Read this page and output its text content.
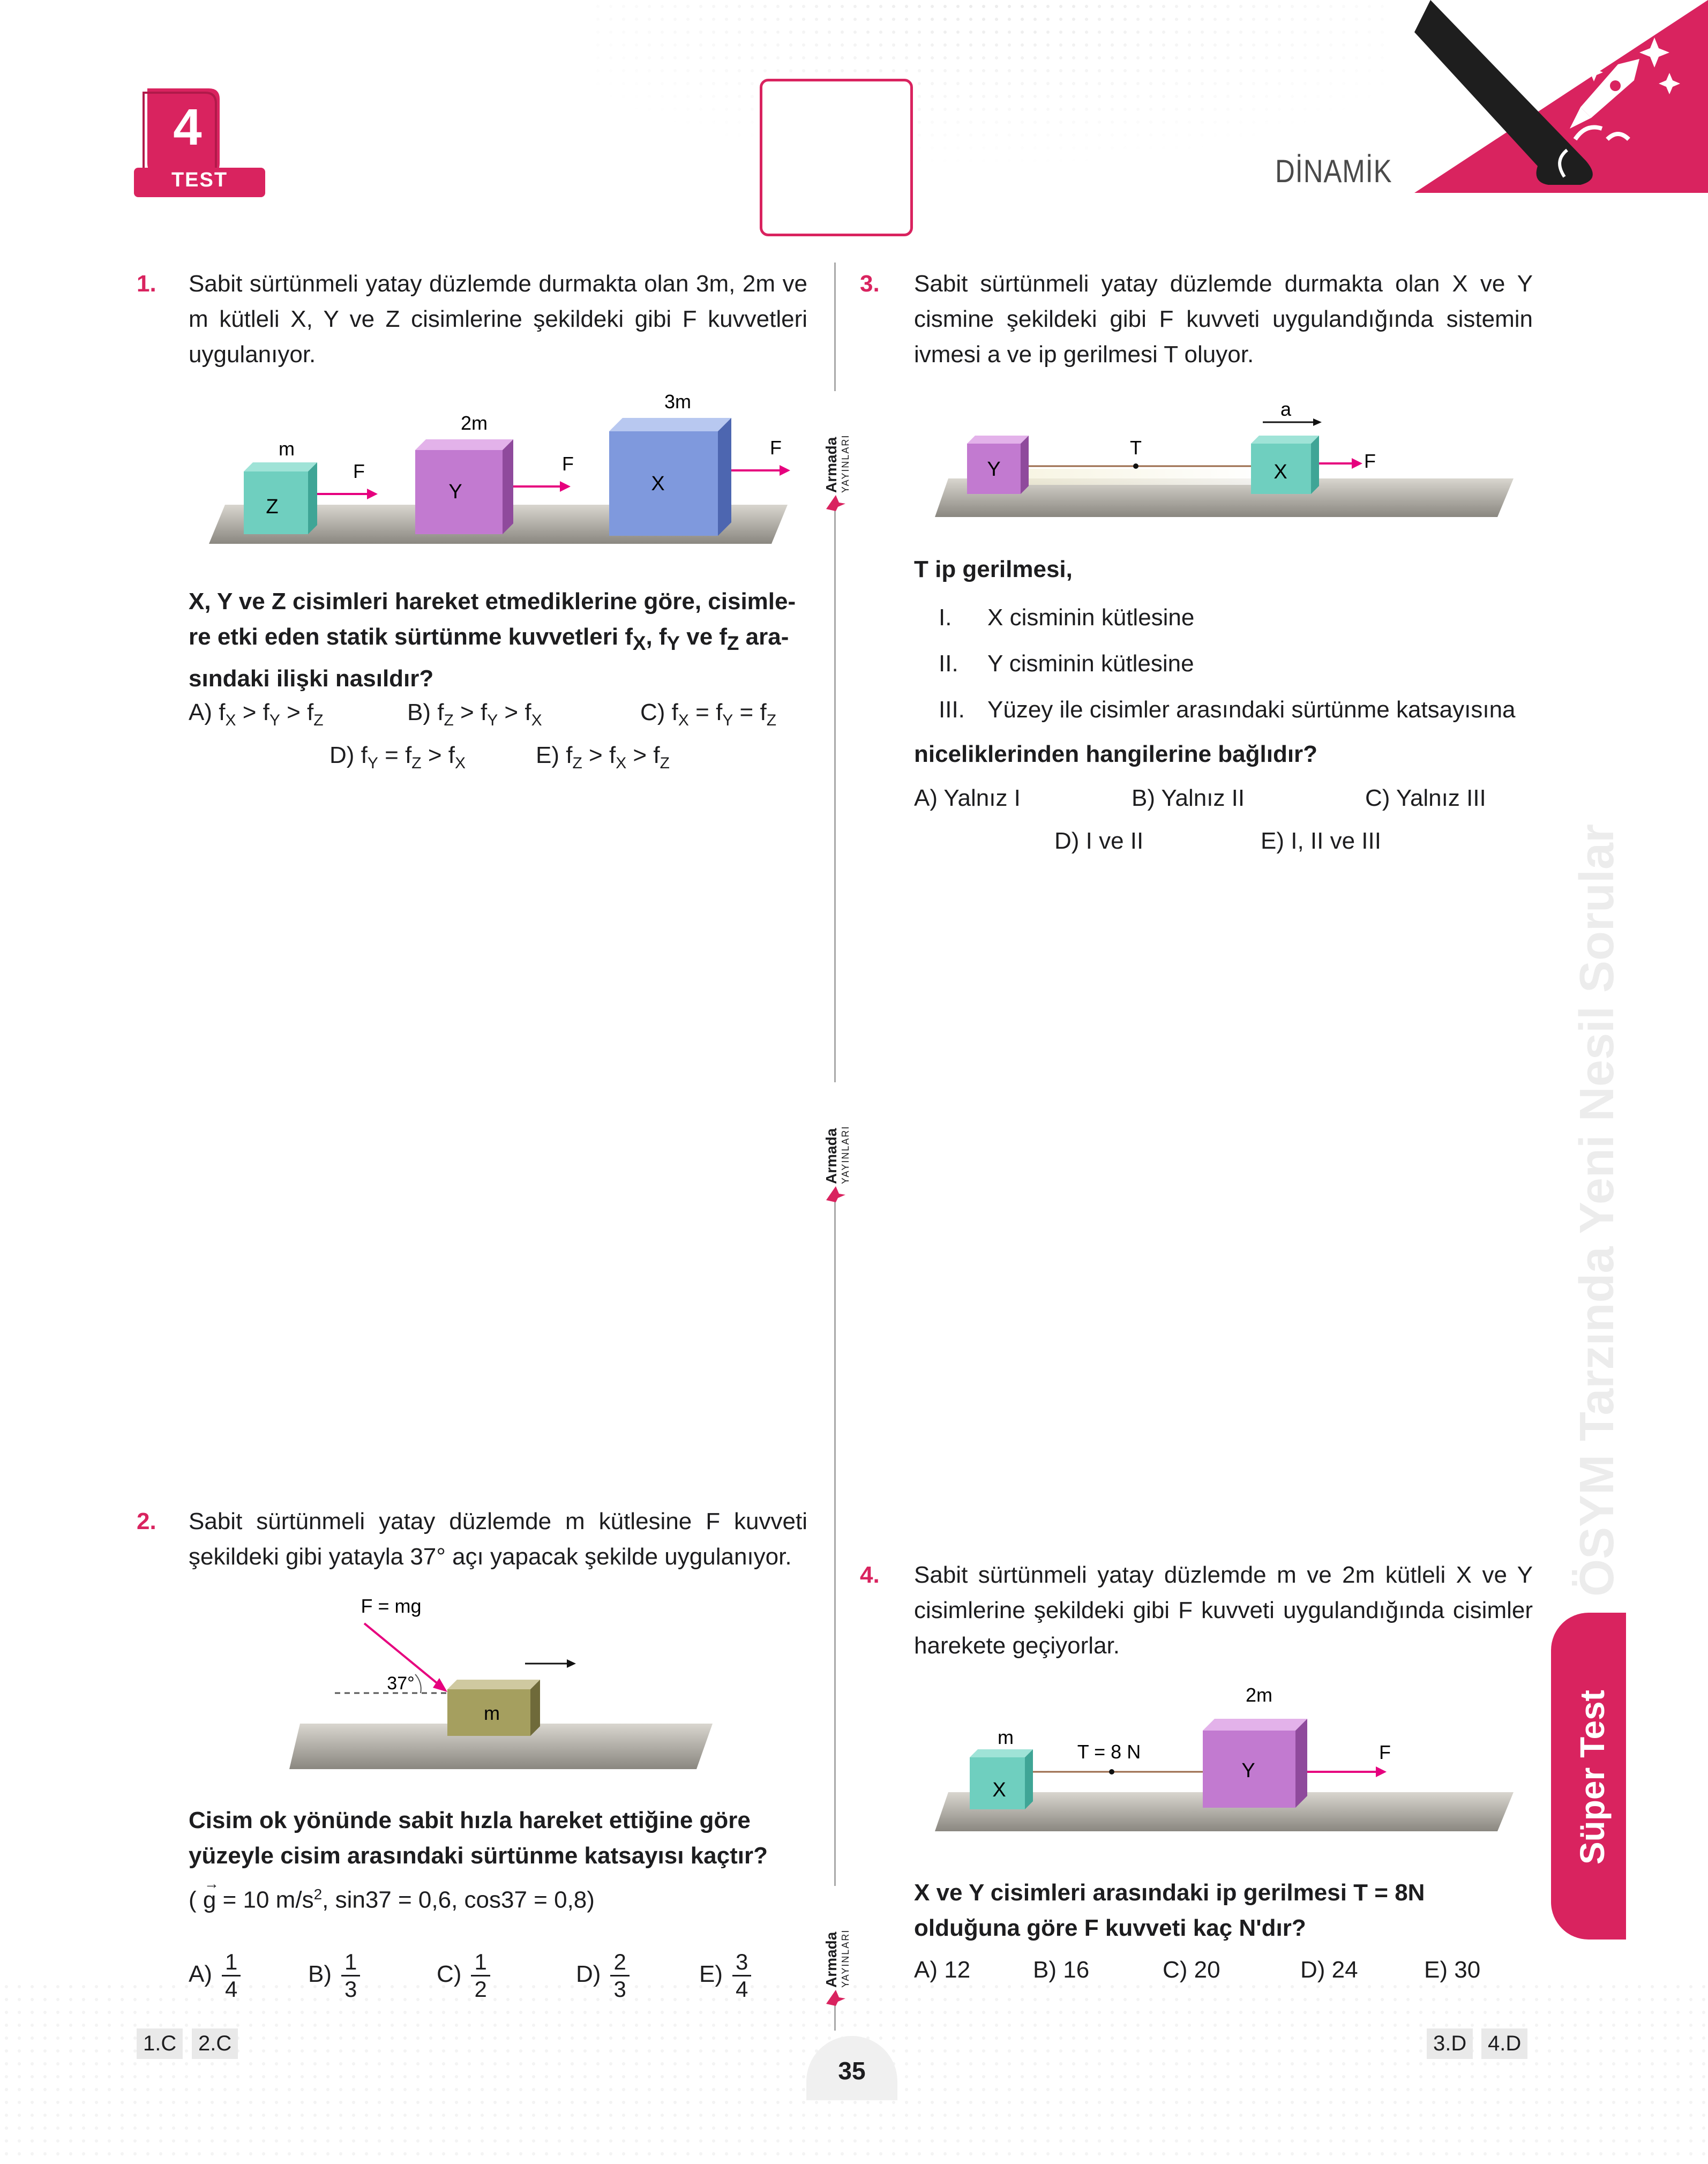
4
TEST	DİNAMİK
ÖSYM Tarzında Yeni Nesil Sorular
Süper Test
Armada YAYINLARI
Armada YAYINLARI
Armada YAYINLARI
1. Sabit sürtünmeli yatay düzlemde durmakta olan 3m, 2m ve m kütleli X, Y ve Z cisimlerine şekildeki gibi F kuvvetleri uygulanıyor.
m
Z
F
2m
Y
F
3m
X
F
X, Y ve Z cisimleri hareket etmediklerine göre, cisimle-
re etki eden statik sürtünme kuvvetleri $f_X$, $f_Y$ ve $f_Z$ ara-
sındaki ilişki nasıldır?
A) $f_X > f_Y > f_Z$	B) $f_Z > f_Y > f_X$	C) $f_X = f_Y = f_Z$
D) $f_Y = f_Z > f_X$	E) $f_Z > f_X > f_Z$
2. Sabit sürtünmeli yatay düzlemde m kütlesine F kuvveti şekildeki gibi yatayla 37° açı yapacak şekilde uygulanıyor.
F = mg
37°
m
Cisim ok yönünde sabit hızla hareket ettiğine göre yüzeyle cisim arasındaki sürtünme katsayısı kaçtır?
(
→
g = 10 $m/s^2$, sin37 = 0,6, cos37 = 0,8)
$A) \frac{1}{4}$	$B) \frac{1}{3}$	$C) \frac{1}{2}$	$D) \frac{2}{3}$	$E) \frac{3}{4}$
3. Sabit sürtünmeli yatay düzlemde durmakta olan X ve Y cismine şekildeki gibi F kuvveti uygulandığında sistemin ivmesi a ve ip gerilmesi T oluyor.
Y	X
T
a
F
T ip gerilmesi,
I. X cisminin kütlesine
II. Y cisminin kütlesine
III. Yüzey ile cisimler arasındaki sürtünme katsayısına
niceliklerinden hangilerine bağlıdır?
A) Yalnız I	B) Yalnız II	C) Yalnız III
D) I ve II	E) I, II ve III
4. Sabit sürtünmeli yatay düzlemde m ve 2m kütleli X ve Y cisimlerine şekildeki gibi F kuvveti uygulandığında cisimler harekete geçiyorlar.
m
X
T = 8 N
2m
Y
F
X ve Y cisimleri arasındaki ip gerilmesi T = 8N olduğuna göre F kuvveti kaç N'dır?
A) 12	B) 16	C) 20	D) 24	E) 30
1.C	2.C	3.D 4.D
35
